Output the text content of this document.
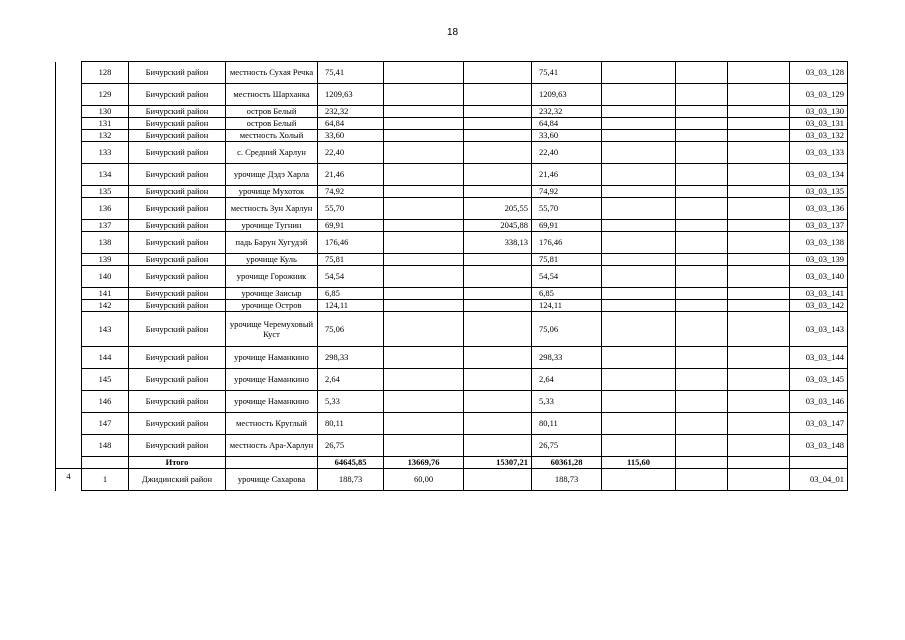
18
	128	Бичурский район	местность Сухая Речка	75,41			75,41				03_03_128
	129	Бичурский район	местность Шарханка	1209,63			1209,63				03_03_129
	130	Бичурский район	остров Белый	232,32			232,32				03_03_130
	131	Бичурский район	остров Белый	64,84			64,84				03_03_131
	132	Бичурский район	местность Холый	33,60			33,60				03_03_132
	133	Бичурский район	с. Средний Харлун	22,40			22,40				03_03_133
	134	Бичурский район	урочище Дэдэ Харла	21,46			21,46				03_03_134
	135	Бичурский район	урочище Мухоток	74,92			74,92				03_03_135
	136	Бичурский район	местность Зун Харлун	55,70		205,55	55,70				03_03_136
	137	Бичурский район	урочище Тугнин	69,91		2045,88	69,91				03_03_137
	138	Бичурский район	падь Барун Хугудэй	176,46		338,13	176,46				03_03_138
	139	Бичурский район	урочище Куль	75,81			75,81				03_03_139
	140	Бичурский район	урочище Горожник	54,54			54,54				03_03_140
	141	Бичурский район	урочище Заисыр	6,85			6,85				03_03_141
	142	Бичурский район	урочище Остров	124,11			124,11				03_03_142
	143	Бичурский район	урочище Черемуховый Куст	75,06			75,06				03_03_143
	144	Бичурский район	урочище Наманкино	298,33			298,33				03_03_144
	145	Бичурский район	урочище Наманкино	2,64			2,64				03_03_145
	146	Бичурский район	урочище Наманкино	5,33			5,33				03_03_146
	147	Бичурский район	местность Круглый	80,11			80,11				03_03_147
	148	Бичурский район	местность Ара-Харлун	26,75			26,75				03_03_148
		Итого		64645,85	13669,76	15307,21	60361,28	115,60			
4	1	Джидинский район	урочище Сахарова	188,73	60,00		188,73				03_04_01
